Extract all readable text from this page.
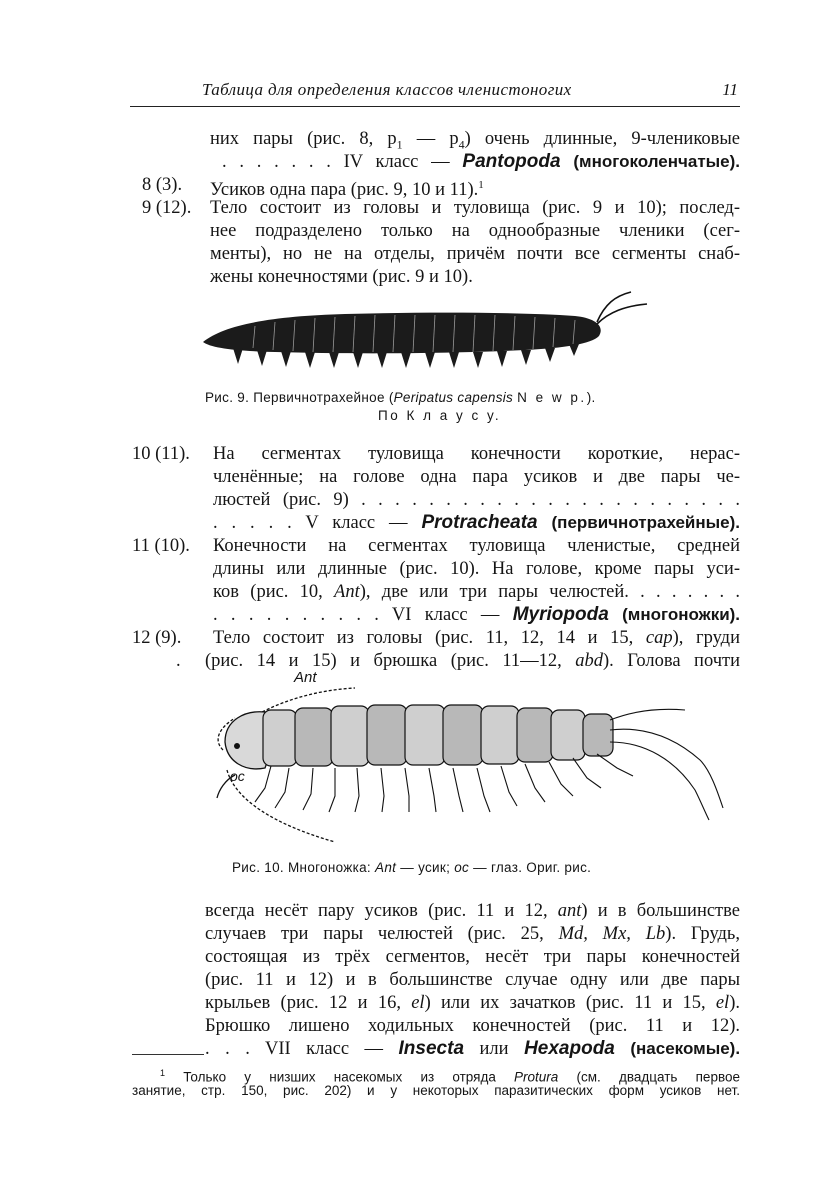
Таблица для определения классов членистоногих	11
них пары (рис. 8, $p_1$ — $p_4$) очень длинные, 9-члениковые
. . . . . . . IV класс — Pantopoda (многоколенчатые).
8 (3). Усиков одна пара (рис. 9, 10 и 11).$^1$
9 (12). Тело состоит из головы и туловища (рис. 9 и 10); послед-
нее подразделено только на однообразные членики (сег-
менты), но не на отделы, причём почти все сегменты снаб-
жены конечностями (рис. 9 и 10).
Рис. 9. Первичнотрахейное (Peripatus capensis N e w p.).
По К л а у с у.
10 (11). На сегментах туловища конечности короткие, нерас-
членённые; на голове одна пара усиков и две пары че-
люстей (рис. 9) . . . . . . . . . . . . . . . . . . . . . . .
. . . . . V класс — Protracheata (первичнотрахейные).
11 (10). Конечности на сегментах туловища членистые, средней
длины или длинные (рис. 10). На голове, кроме пары уси-
ков (рис. 10, Ant), две или три пары челюстей. . . . . . . .
. . . . . . . . . . VI класс — Myriopoda (многоножки).
12 (9). Тело состоит из головы (рис. 11, 12, 14 и 15, cap), груди
. (рис. 14 и 15) и брюшка (рис. 11—12, abd). Голова почти
Ant
oc
Рис. 10. Многоножка: Ant — усик; oc — глаз. Ориг. рис.
всегда несёт пару усиков (рис. 11 и 12, ant) и в большинстве
случаев три пары челюстей (рис. 25, Md, Mx, Lb). Грудь,
состоящая из трёх сегментов, несёт три пары конечностей
(рис. 11 и 12) и в большинстве случае одну или две пары
крыльев (рис. 12 и 16, el) или их зачатков (рис. 11 и 15, el).
Брюшко лишено ходильных конечностей (рис. 11 и 12).
. . . VII класс — Insecta или Hexapoda (насекомые).
$^1$ Только у низших насекомых из отряда Protura (см. двадцать первое
занятие, стр. 150, рис. 202) и у некоторых паразитических форм усиков нет.
